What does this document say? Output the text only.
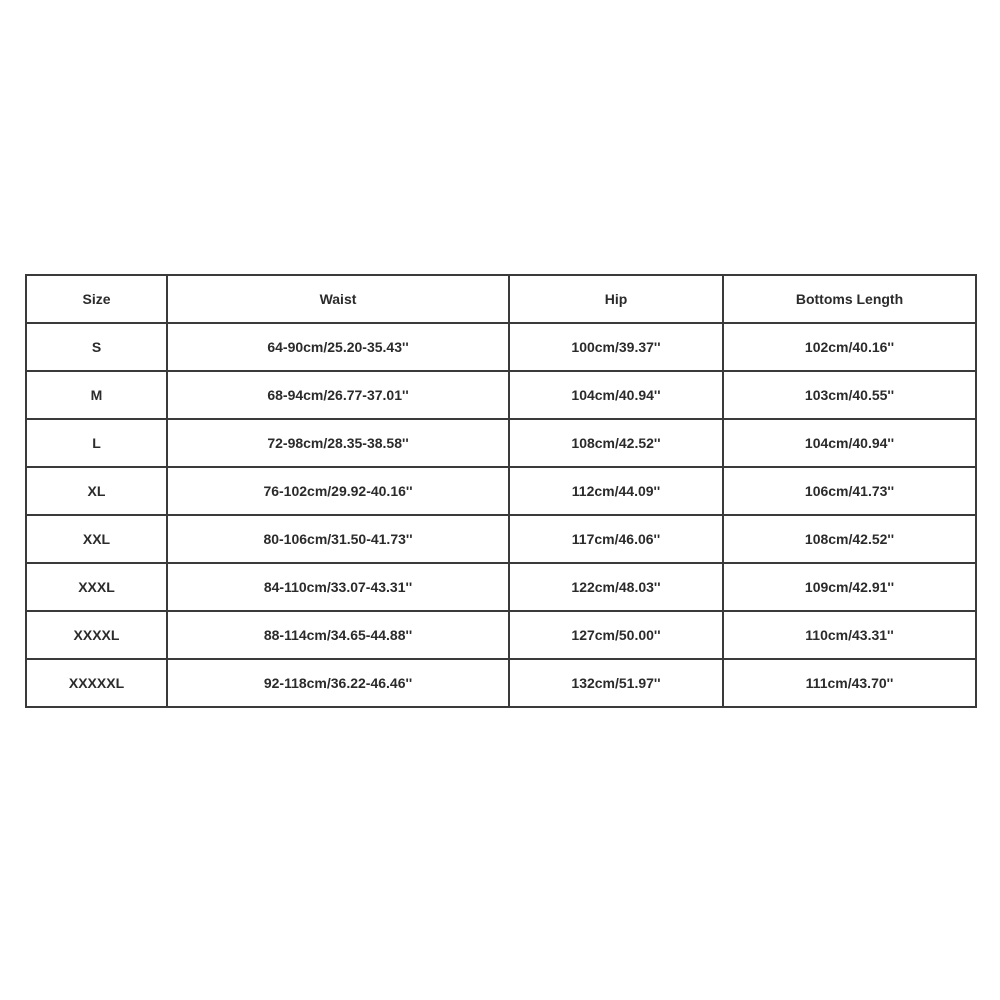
Size	Waist	Hip	Bottoms Length
S	64-90cm/25.20-35.43''	100cm/39.37''	102cm/40.16''
M	68-94cm/26.77-37.01''	104cm/40.94''	103cm/40.55''
L	72-98cm/28.35-38.58''	108cm/42.52''	104cm/40.94''
XL	76-102cm/29.92-40.16''	112cm/44.09''	106cm/41.73''
XXL	80-106cm/31.50-41.73''	117cm/46.06''	108cm/42.52''
XXXL	84-110cm/33.07-43.31''	122cm/48.03''	109cm/42.91''
XXXXL	88-114cm/34.65-44.88''	127cm/50.00''	110cm/43.31''
XXXXXL	92-118cm/36.22-46.46''	132cm/51.97''	111cm/43.70''
